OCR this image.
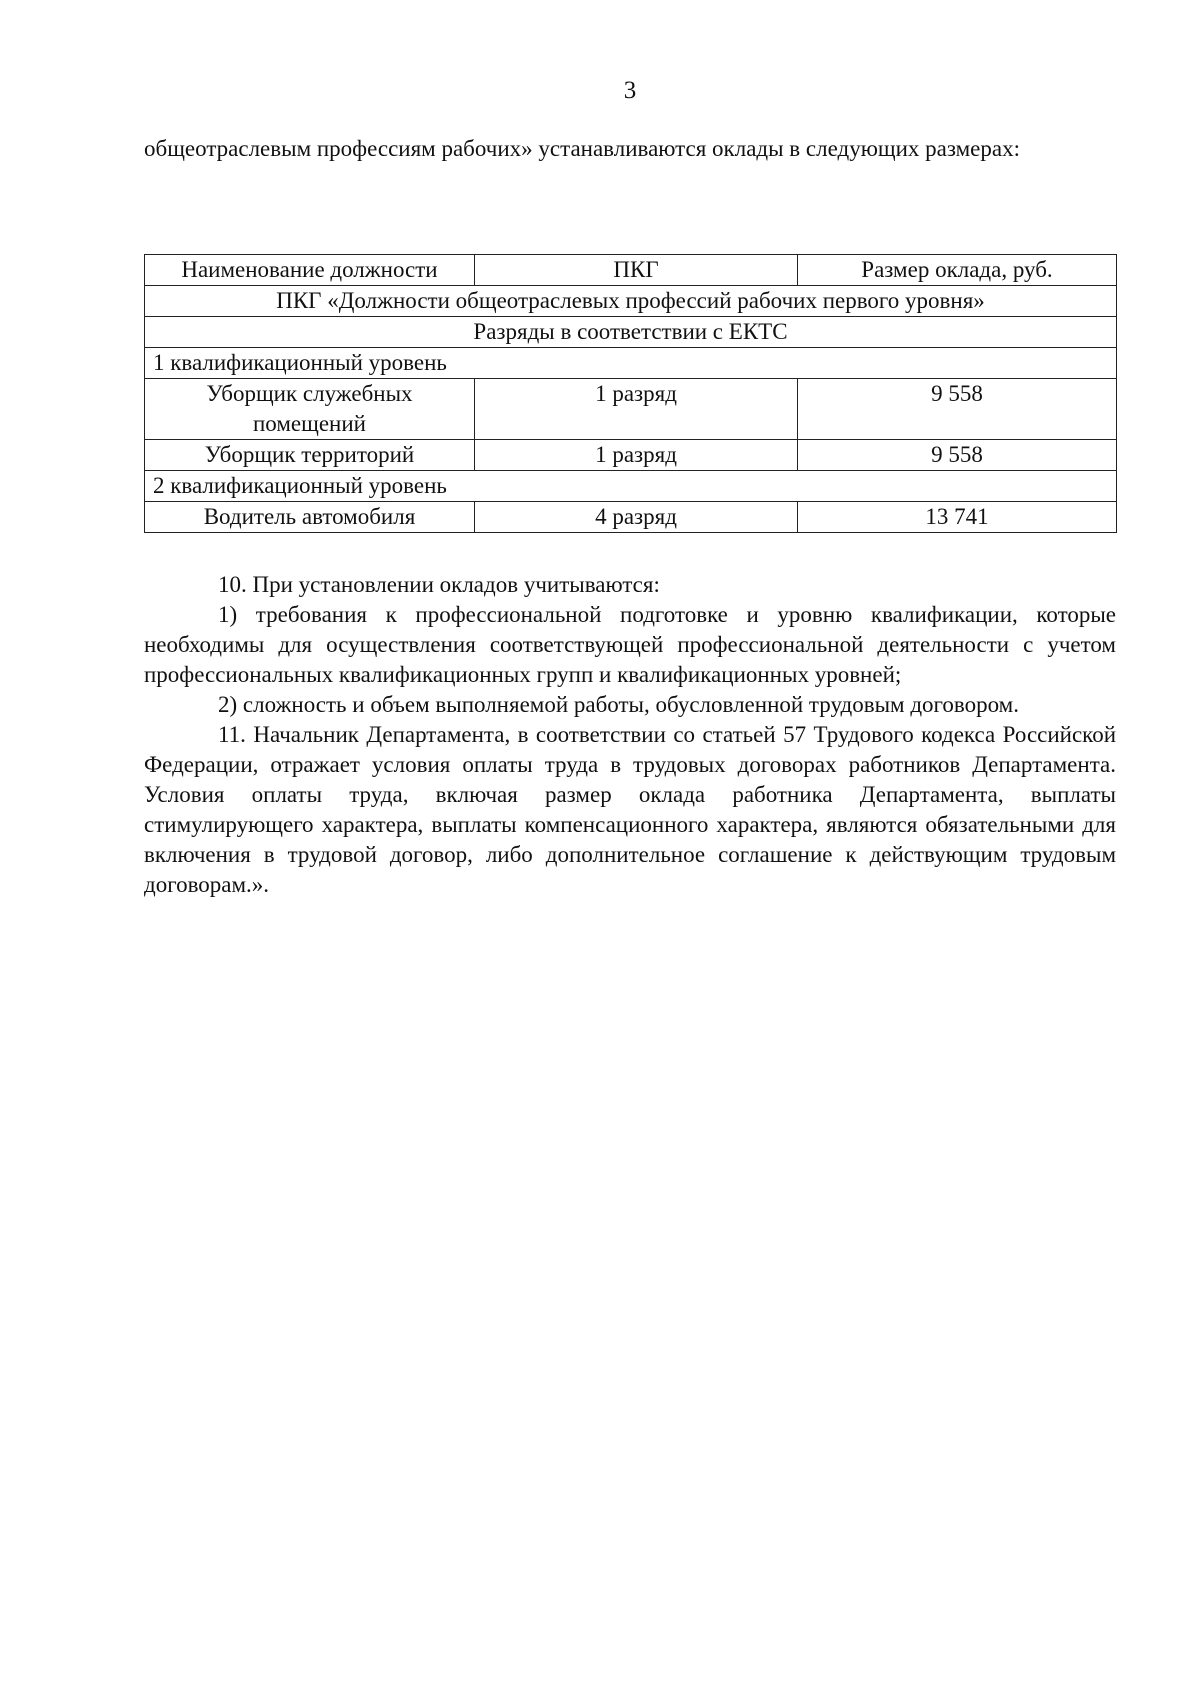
3

общеотраслевым профессиям рабочих» устанавливаются оклады в следующих размерах:

Наименование должности	ПКГ	Размер оклада, руб.
ПКГ «Должности общеотраслевых профессий рабочих первого уровня»		
Разряды в соответствии с ЕКТС		
1 квалификационный уровень		
Уборщик служебных помещений	1 разряд	9 558
Уборщик территорий	1 разряд	9 558
2 квалификационный уровень		
Водитель автомобиля	4 разряд	13 741

10. При установлении окладов учитываются:

1) требования к профессиональной подготовке и уровню квалификации, которые необходимы для осуществления соответствующей профессиональной деятельности с учетом профессиональных квалификационных групп и квалификационных уровней;

2) сложность и объем выполняемой работы, обусловленной трудовым договором.

11. Начальник Департамента, в соответствии со статьей 57 Трудового кодекса Российской Федерации, отражает условия оплаты труда в трудовых договорах работников Департамента. Условия оплаты труда, включая размер оклада работника Департамента, выплаты стимулирующего характера, выплаты компенсационного характера, являются обязательными для включения в трудовой договор, либо дополнительное соглашение к действующим трудовым договорам.».
